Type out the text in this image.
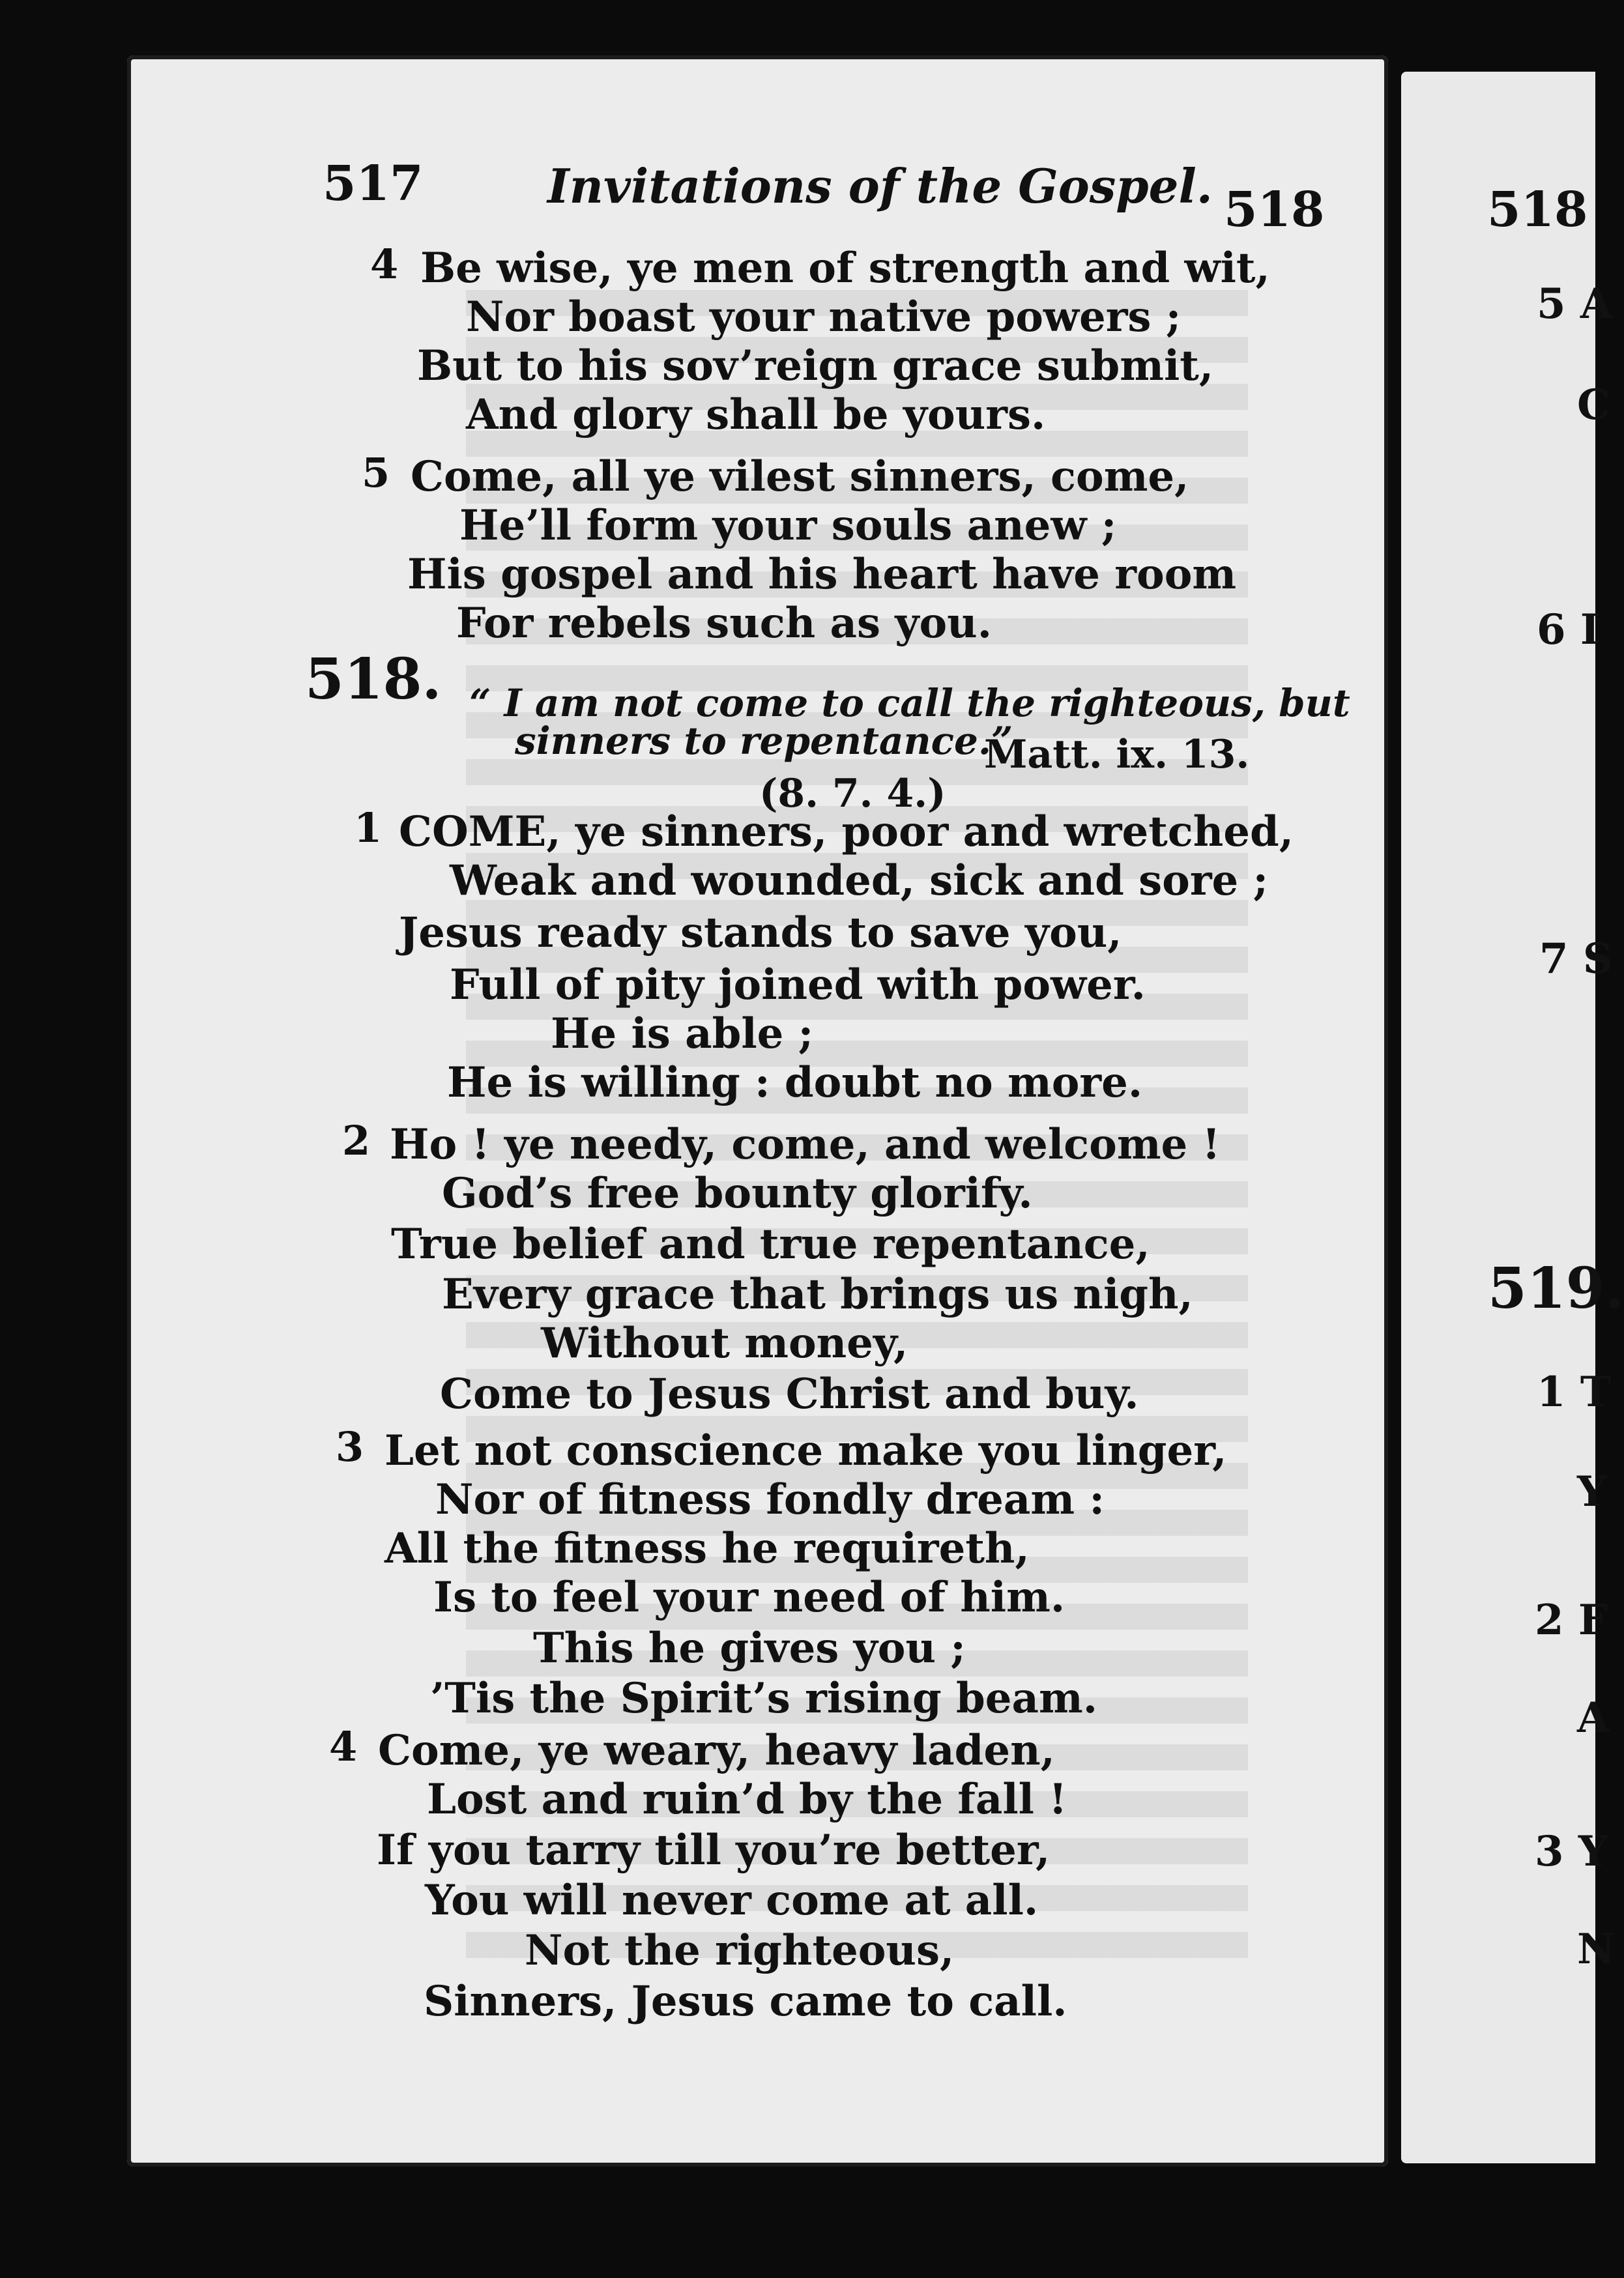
517	Invitations of the Gospel. 518
4 Be wise, ye men of strength and wit,
Nor boast your native powers ;
But to his sov’reign grace submit,
And glory shall be yours.
5 Come, all ye vilest sinners, come,
He’ll form your souls anew ;
His gospel and his heart have room
For rebels such as you.
518. “ I am not come to call the righteous, but
sinners to repentance.”
Matt. ix. 13.
(8. 7. 4.)
1 COME, ye sinners, poor and wretched,
Weak and wounded, sick and sore ;
Jesus ready stands to save you,
Full of pity joined with power.
He is able ;
He is willing : doubt no more.
2 Ho ! ye needy, come, and welcome !
God’s free bounty glorify.
True belief and true repentance,
Every grace that brings us nigh,
Without money,
Come to Jesus Christ and buy.
3 Let not conscience make you linger,
Nor of fitness fondly dream :
All the fitness he requireth,
Is to feel your need of him.
This he gives you ;
’Tis the Spirit’s rising beam.
4 Come, ye weary, heavy laden,
Lost and ruin’d by the fall !
If you tarry till you’re better,
You will never come at all.
Not the righteous,
Sinners, Jesus came to call.
518
5 A
C
6 I
7 S
519.
1 T
Y
2 F
A
3 Y
N
